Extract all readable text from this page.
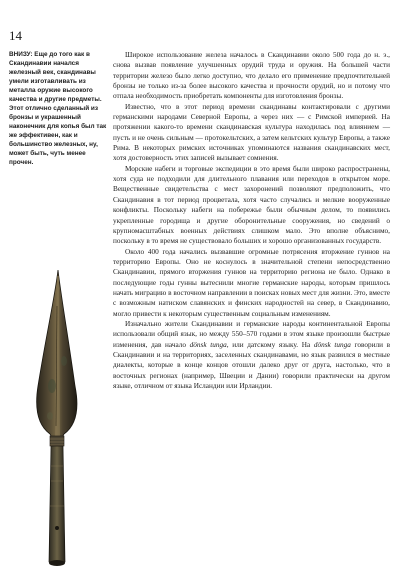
14
ВНИЗУ: Еще до того как в Скандинавии начался железный век, скандинавы умели изготавливать из металла оружие высокого качества и другие предметы. Этот отлично сделанный из бронзы и украшенный наконечник для копья был так же эффективен, как и большинство железных, ну, может быть, чуть менее прочен.

Широкое использование железа началось в Скандинавии около 500 года до н. э., снова вызвав появление улучшенных орудий труда и оружия. На большей части территории железо было легко доступно, что делало его применение предпочтительней бронзы не только из-за более высокого качества и прочности орудий, но и потому что отпала необходимость приобретать компоненты для изготовления бронзы.

Известно, что в этот период времени скандинавы контактировали с другими германскими народами Северной Европы, а через них — с Римской империей. На протяжении какого-то времени скандинавская культура находилась под влиянием — пусть и не очень сильным — протокельтских, а затем кельтских культур Европы, а также Рима. В некоторых римских источниках упоминаются названия скандинавских мест, хотя достоверность этих записей вызывает сомнения.

Морские набеги и торговые экспедиции в это время были широко распространены, хотя суда не подходили для длительного плавания или переходов в открытом море. Вещественные свидетельства с мест захоронений позволяют предположить, что Скандинавия в тот период процветала, хотя часто случались и мелкие вооруженные конфликты. Поскольку набеги на побережье были обычным делом, то появились укрепленные городища и другие оборонительные сооружения, но сведений о крупномасштабных военных действиях слишком мало. Это вполне объяснимо, поскольку в то время не существовало больших и хорошо организованных государств.

Около 400 года начались вызвавшие огромные потрясения вторжение гуннов на территорию Европы. Оно не коснулось в значительной степени непосредственно Скандинавии, прямого вторжения гуннов на территорию региона не было. Однако в последующие годы гунны вытеснили многие германские народы, которым пришлось начать миграцию в восточном направлении в поисках новых мест для жизни. Это, вместе с возможным натиском славянских и финских народностей на север, в Скандинавию, могло привести к некоторым существенным социальным изменениям.

Изначально жители Скандинавии и германские народы континентальной Европы использовали общий язык, но между 550–570 годами в этом языке произошли быстрые изменения, дав начало dönsk tunga, или датскому языку. На dönsk tunga говорили в Скандинавии и на территориях, заселенных скандинавами, но язык развился в местные диалекты, которые в конце концов отошли далеко друг от друга, настолько, что в восточных регионах (например, Швеции и Дании) говорили практически на другом языке, отличном от языка Исландии или Ирландии.
